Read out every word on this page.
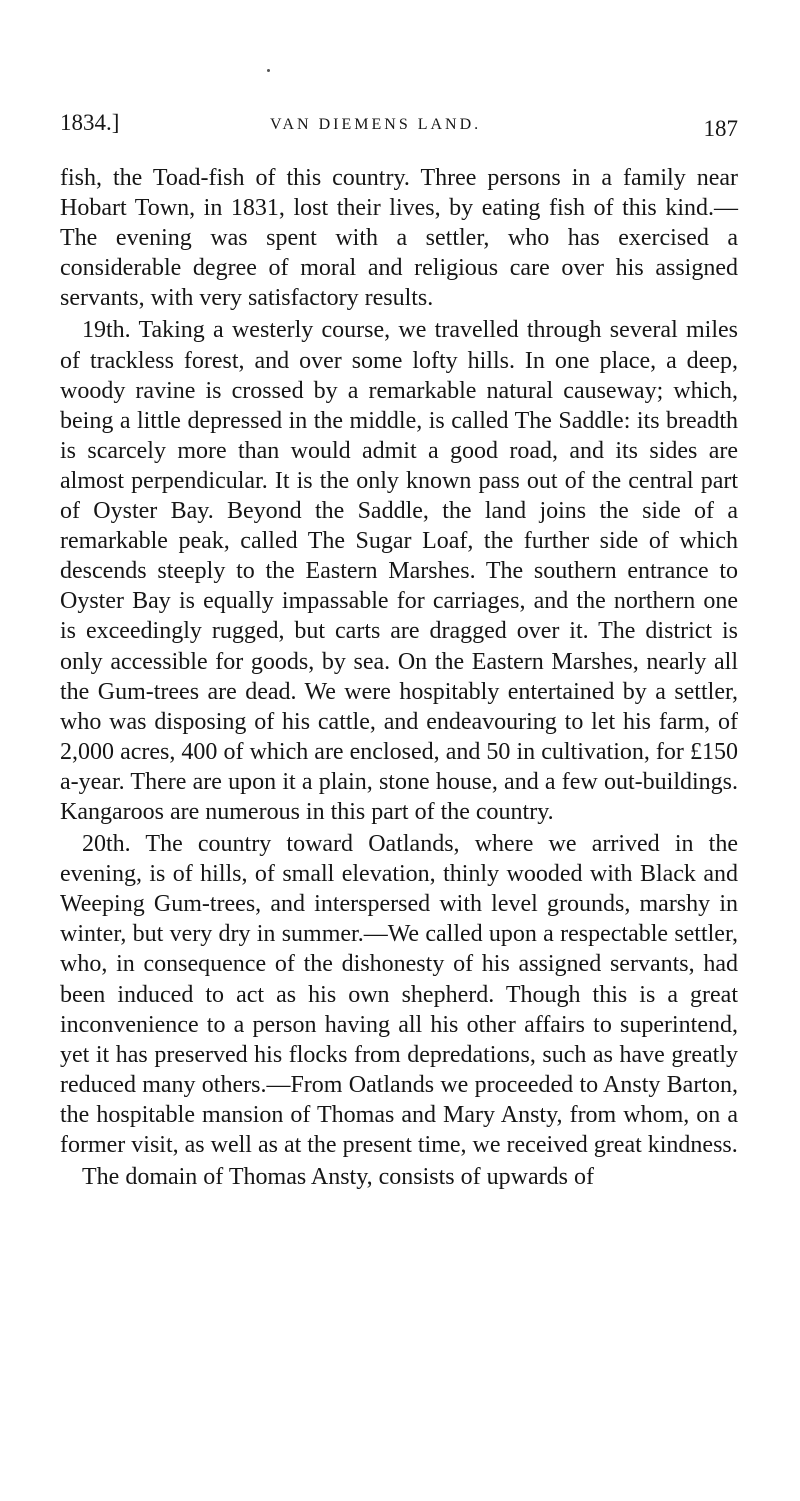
1834.]	VAN DIEMENS LAND.	187

fish, the Toad-fish of this country. Three persons in a family near Hobart Town, in 1831, lost their lives, by eating fish of this kind.—The evening was spent with a settler, who has exercised a considerable degree of moral and religious care over his assigned servants, with very satisfactory results.

19th. Taking a westerly course, we travelled through several miles of trackless forest, and over some lofty hills. In one place, a deep, woody ravine is crossed by a remarkable natural causeway; which, being a little depressed in the middle, is called The Saddle: its breadth is scarcely more than would admit a good road, and its sides are almost perpendicular. It is the only known pass out of the central part of Oyster Bay. Beyond the Saddle, the land joins the side of a remarkable peak, called The Sugar Loaf, the further side of which descends steeply to the Eastern Marshes. The southern entrance to Oyster Bay is equally impassable for carriages, and the northern one is exceedingly rugged, but carts are dragged over it. The district is only accessible for goods, by sea. On the Eastern Marshes, nearly all the Gum-trees are dead. We were hospitably entertained by a settler, who was disposing of his cattle, and endeavouring to let his farm, of 2,000 acres, 400 of which are enclosed, and 50 in cultivation, for £150 a-year. There are upon it a plain, stone house, and a few out-buildings. Kangaroos are numerous in this part of the country.

20th. The country toward Oatlands, where we arrived in the evening, is of hills, of small elevation, thinly wooded with Black and Weeping Gum-trees, and interspersed with level grounds, marshy in winter, but very dry in summer.—We called upon a respectable settler, who, in consequence of the dishonesty of his assigned servants, had been induced to act as his own shepherd. Though this is a great inconvenience to a person having all his other affairs to superintend, yet it has preserved his flocks from depredations, such as have greatly reduced many others.—From Oatlands we proceeded to Ansty Barton, the hospitable mansion of Thomas and Mary Ansty, from whom, on a former visit, as well as at the present time, we received great kindness.

The domain of Thomas Ansty, consists of upwards of
